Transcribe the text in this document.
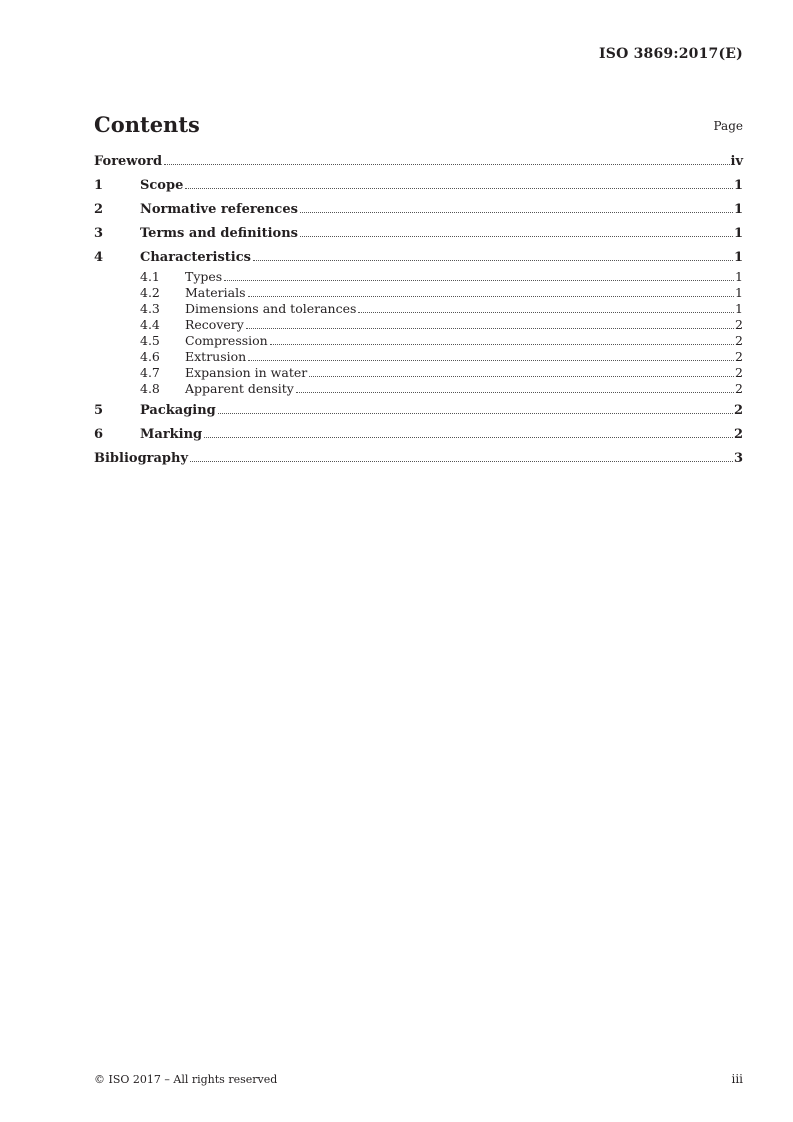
ISO 3869:2017(E)
Contents	Page
Foreword	iv
1	Scope	1
2	Normative references	1
3	Terms and definitions	1
4	Characteristics	1
4.1	Types	1
4.2	Materials	1
4.3	Dimensions and tolerances	1
4.4	Recovery	2
4.5	Compression	2
4.6	Extrusion	2
4.7	Expansion in water	2
4.8	Apparent density	2
5	Packaging	2
6	Marking	2
Bibliography	3
© ISO 2017 – All rights reserved	iii
